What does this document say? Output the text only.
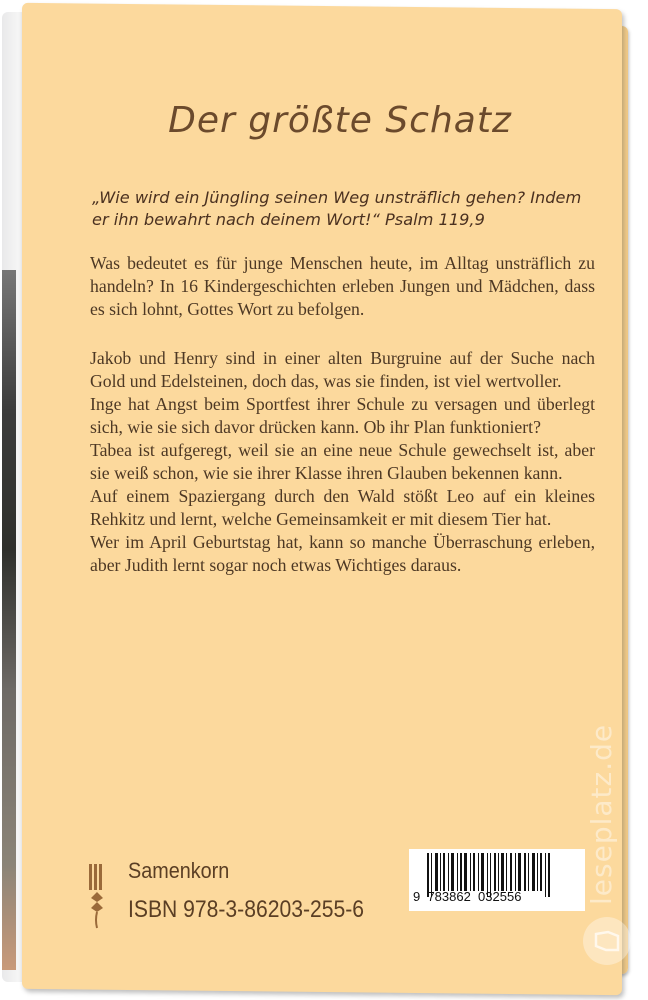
Der größte Schatz
„Wie wird ein Jüngling seinen Weg unsträflich gehen? Indem er ihn bewahrt nach deinem Wort!“ Psalm 119,9

Was bedeutet es für junge Menschen heute, im Alltag unsträflich zu handeln? In 16 Kindergeschichten erleben Jungen und Mädchen, dass es sich lohnt, Gottes Wort zu befolgen.

Jakob und Henry sind in einer alten Burgruine auf der Suche nach Gold und Edelsteinen, doch das, was sie finden, ist viel wertvoller.

Inge hat Angst beim Sportfest ihrer Schule zu versagen und überlegt sich, wie sie sich davor drücken kann. Ob ihr Plan funktioniert?

Tabea ist aufgeregt, weil sie an eine neue Schule gewechselt ist, aber sie weiß schon, wie sie ihrer Klasse ihren Glauben bekennen kann.

Auf einem Spaziergang durch den Wald stößt Leo auf ein kleines Rehkitz und lernt, welche Gemeinsamkeit er mit diesem Tier hat.

Wer im April Geburtstag hat, kann so manche Überraschung erleben, aber Judith lernt sogar noch etwas Wichtiges daraus.

Samenkorn
ISBN 978-3-86203-255-6	9  783862  032556 leseplatz.de
